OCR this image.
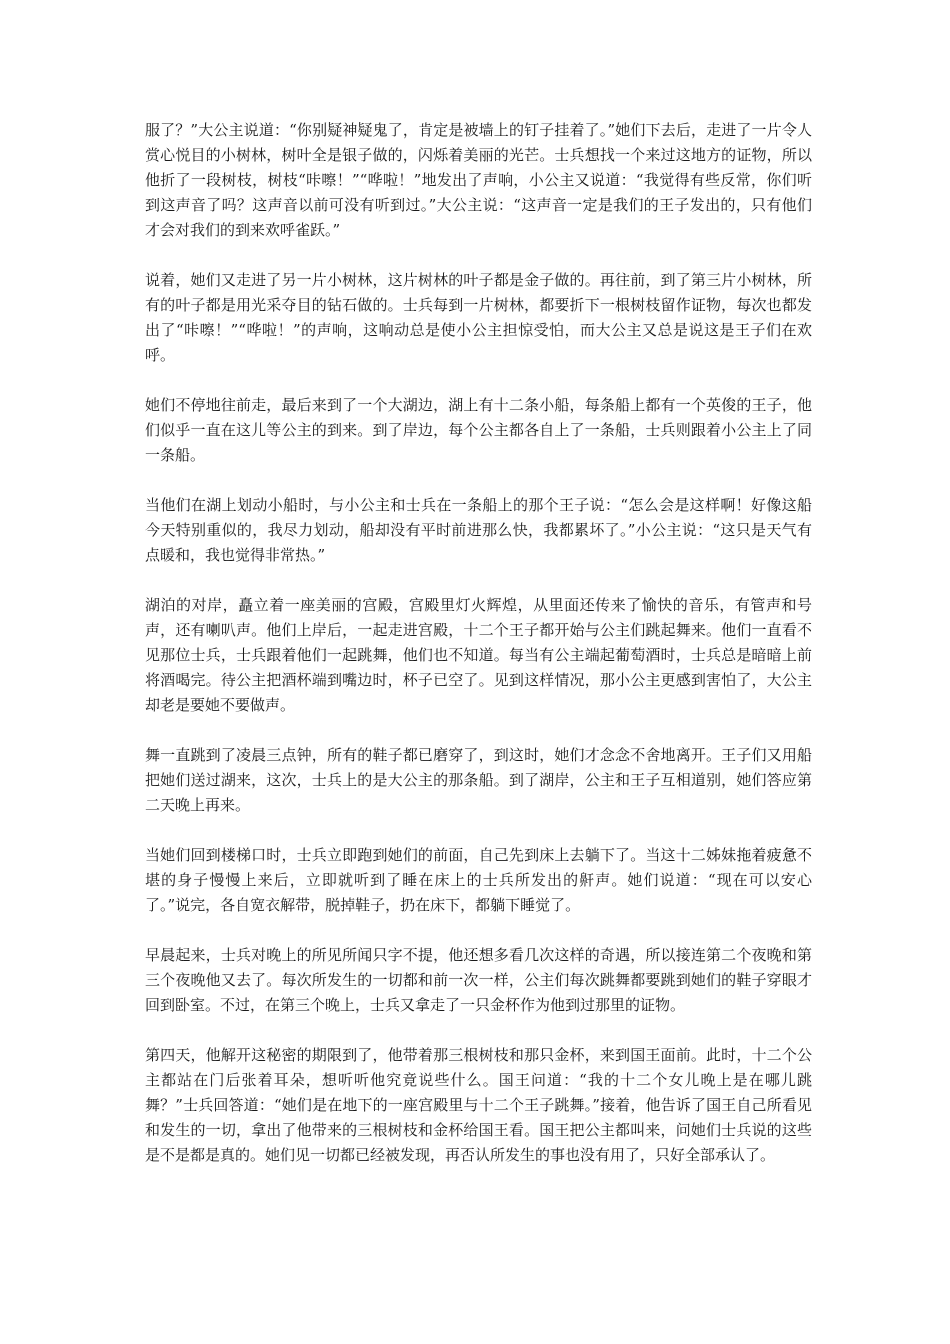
服了？”大公主说道：“你别疑神疑鬼了，肯定是被墙上的钉子挂着了。”她们下去后，走进了一片令人赏心悦目的小树林，树叶全是银子做的，闪烁着美丽的光芒。士兵想找一个来过这地方的证物，所以他折了一段树枝，树枝“咔嚓！”“哗啦！”地发出了声响，小公主又说道：“我觉得有些反常，你们听到这声音了吗？这声音以前可没有听到过。”大公主说：“这声音一定是我们的王子发出的，只有他们才会对我们的到来欢呼雀跃。”

说着，她们又走进了另一片小树林，这片树林的叶子都是金子做的。再往前，到了第三片小树林，所有的叶子都是用光采夺目的钻石做的。士兵每到一片树林，都要折下一根树枝留作证物，每次也都发出了“咔嚓！”“哗啦！”的声响，这响动总是使小公主担惊受怕，而大公主又总是说这是王子们在欢呼。

她们不停地往前走，最后来到了一个大湖边，湖上有十二条小船，每条船上都有一个英俊的王子，他们似乎一直在这儿等公主的到来。到了岸边，每个公主都各自上了一条船，士兵则跟着小公主上了同一条船。

当他们在湖上划动小船时，与小公主和士兵在一条船上的那个王子说：“怎么会是这样啊！好像这船今天特别重似的，我尽力划动，船却没有平时前进那么快，我都累坏了。”小公主说：“这只是天气有点暖和，我也觉得非常热。”

湖泊的对岸，矗立着一座美丽的宫殿，宫殿里灯火辉煌，从里面还传来了愉快的音乐，有管声和号声，还有喇叭声。他们上岸后，一起走进宫殿，十二个王子都开始与公主们跳起舞来。他们一直看不见那位士兵，士兵跟着他们一起跳舞，他们也不知道。每当有公主端起葡萄酒时，士兵总是暗暗上前将酒喝完。待公主把酒杯端到嘴边时，杯子已空了。见到这样情况，那小公主更感到害怕了，大公主却老是要她不要做声。

舞一直跳到了凌晨三点钟，所有的鞋子都已磨穿了，到这时，她们才念念不舍地离开。王子们又用船把她们送过湖来，这次，士兵上的是大公主的那条船。到了湖岸，公主和王子互相道别，她们答应第二天晚上再来。

当她们回到楼梯口时，士兵立即跑到她们的前面，自己先到床上去躺下了。当这十二姊妹拖着疲惫不堪的身子慢慢上来后，立即就听到了睡在床上的士兵所发出的鼾声。她们说道：“现在可以安心了。”说完，各自宽衣解带，脱掉鞋子，扔在床下，都躺下睡觉了。

早晨起来，士兵对晚上的所见所闻只字不提，他还想多看几次这样的奇遇，所以接连第二个夜晚和第三个夜晚他又去了。每次所发生的一切都和前一次一样，公主们每次跳舞都要跳到她们的鞋子穿眼才回到卧室。不过，在第三个晚上，士兵又拿走了一只金杯作为他到过那里的证物。

第四天，他解开这秘密的期限到了，他带着那三根树枝和那只金杯，来到国王面前。此时，十二个公主都站在门后张着耳朵，想听听他究竟说些什么。国王问道：“我的十二个女儿晚上是在哪儿跳舞？”士兵回答道：“她们是在地下的一座宫殿里与十二个王子跳舞。”接着，他告诉了国王自己所看见和发生的一切，拿出了他带来的三根树枝和金杯给国王看。国王把公主都叫来，问她们士兵说的这些是不是都是真的。她们见一切都已经被发现，再否认所发生的事也没有用了，只好全部承认了。
